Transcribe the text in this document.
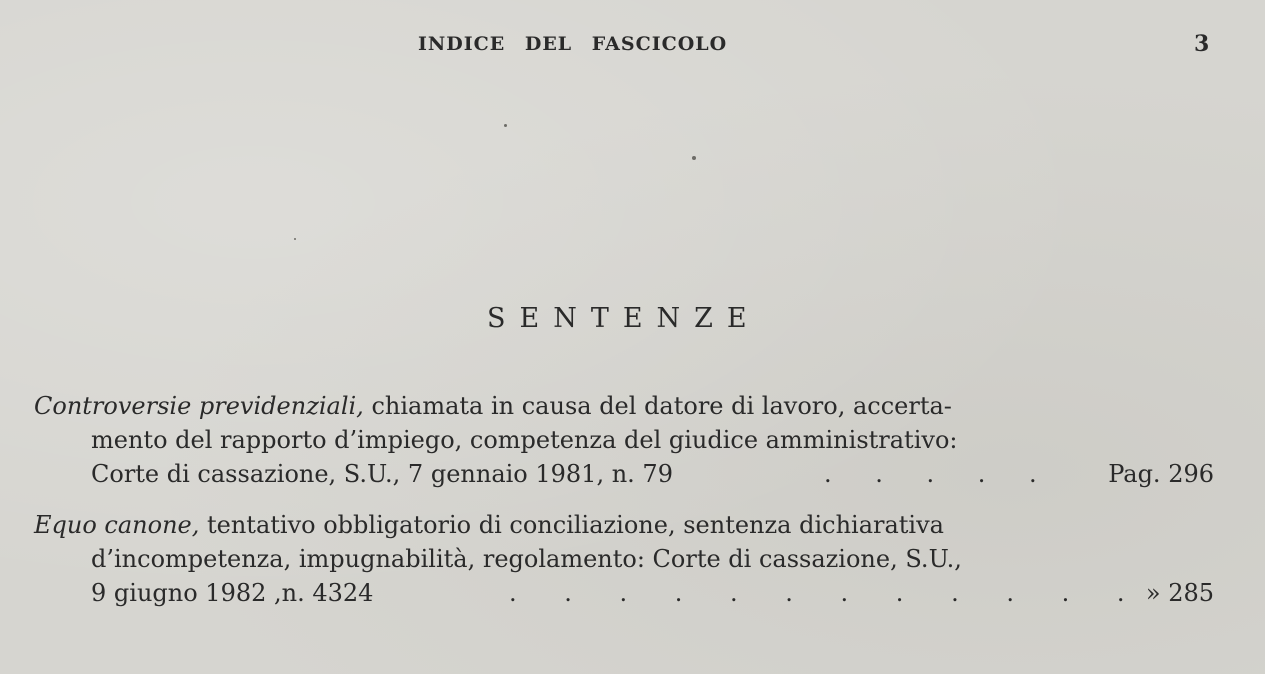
INDICE DEL FASCICOLO	3
SENTENZE
Controversie previdenziali, chiamata in causa del datore di lavoro, accerta-
mento del rapporto d’impiego, competenza del giudice amministrativo:
Corte di cassazione, S.U., 7 gennaio 1981, n. 79	. . . . .	Pag. 296
Equo canone, tentativo obbligatorio di conciliazione, sentenza dichiarativa
d’incompetenza, impugnabilità, regolamento: Corte di cassazione, S.U.,
9 giugno 1982 ,n. 4324	. . . . . . . . . . . . » 285
